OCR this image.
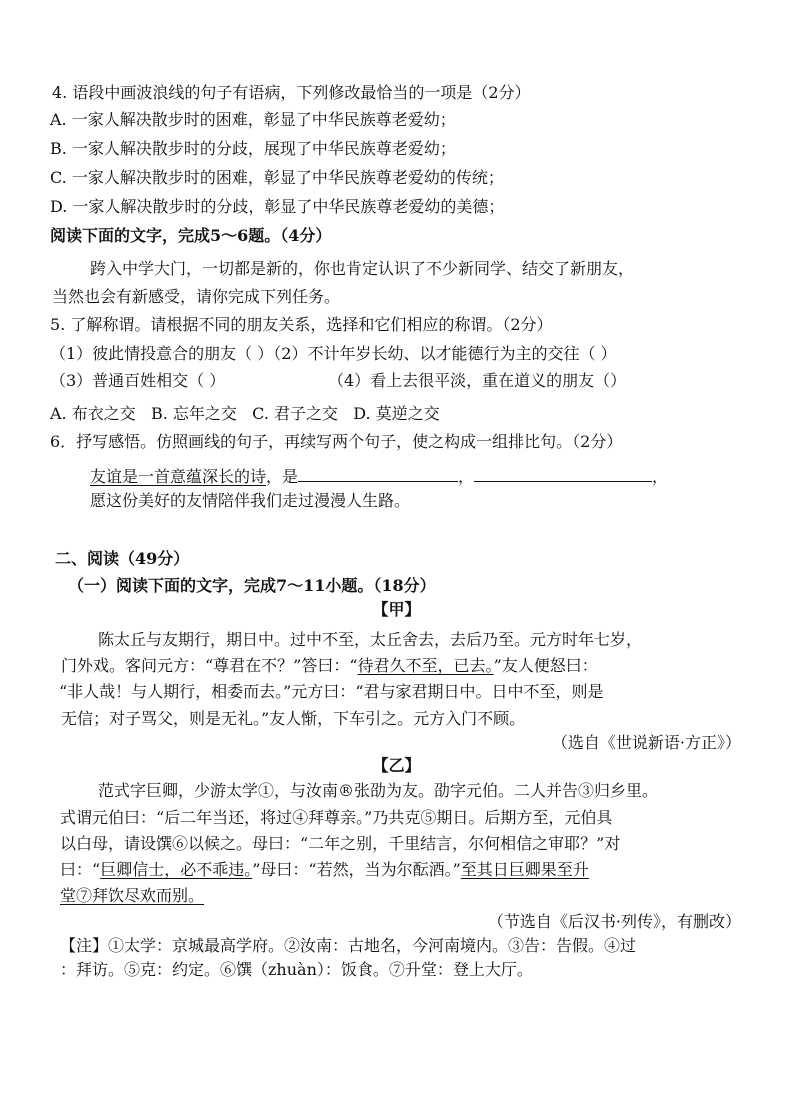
4. 语段中画波浪线的句子有语病，下列修改最恰当的一项是（2分）
A. 一家人解决散步时的困难，彰显了中华民族尊老爱幼；
B. 一家人解决散步时的分歧，展现了中华民族尊老爱幼；
C. 一家人解决散步时的困难，彰显了中华民族尊老爱幼的传统；
D. 一家人解决散步时的分歧，彰显了中华民族尊老爱幼的美德；
阅读下面的文字，完成5～6题。（4分）
跨入中学大门，一切都是新的，你也肯定认识了不少新同学、结交了新朋友，
当然也会有新感受，请你完成下列任务。
5. 了解称谓。请根据不同的朋友关系，选择和它们相应的称谓。（2分）
（1）彼此情投意合的朋友（ ）（2）不计年岁长幼、以才能德行为主的交往（ ）
（3）普通百姓相交（ ）	（4）看上去很平淡，重在道义的朋友（）
A. 布衣之交   B. 忘年之交   C. 君子之交   D. 莫逆之交
6．抒写感悟。仿照画线的句子，再续写两个句子，使之构成一组排比句。（2分）
友谊是一首意蕴深长的诗，是	，	，
愿这份美好的友情陪伴我们走过漫漫人生路。
二、阅读（49分）
（一）阅读下面的文字，完成7～11小题。（18分）
【甲】
陈太丘与友期行，期日中。过中不至，太丘舍去，去后乃至。元方时年七岁，
门外戏。客问元方：“尊君在不？”答曰：“待君久不至，已去。”友人便怒曰：
“非人哉！与人期行，相委而去。”元方曰：“君与家君期日中。日中不至，则是
无信；对子骂父，则是无礼。”友人惭，下车引之。元方入门不顾。
（选自《世说新语·方正》）
【乙】
范式字巨卿，少游太学①，与汝南®张劭为友。劭字元伯。二人并告③归乡里。
式谓元伯曰：“后二年当还，将过④拜尊亲。”乃共克⑤期日。后期方至，元伯具
以白母，请设馔⑥以候之。母曰：“二年之别，千里结言，尔何相信之审耶？”对
曰：“巨卿信士，必不乖违。”母曰：“若然，当为尔酝酒。”至其日巨卿果至升
堂⑦拜饮尽欢而别。
（节选自《后汉书·列传》，有删改）
【注】①太学：京城最高学府。②汝南：古地名，今河南境内。③告：告假。④过
：拜访。⑤克：约定。⑥馔（zhuàn）：饭食。⑦升堂：登上大厅。
